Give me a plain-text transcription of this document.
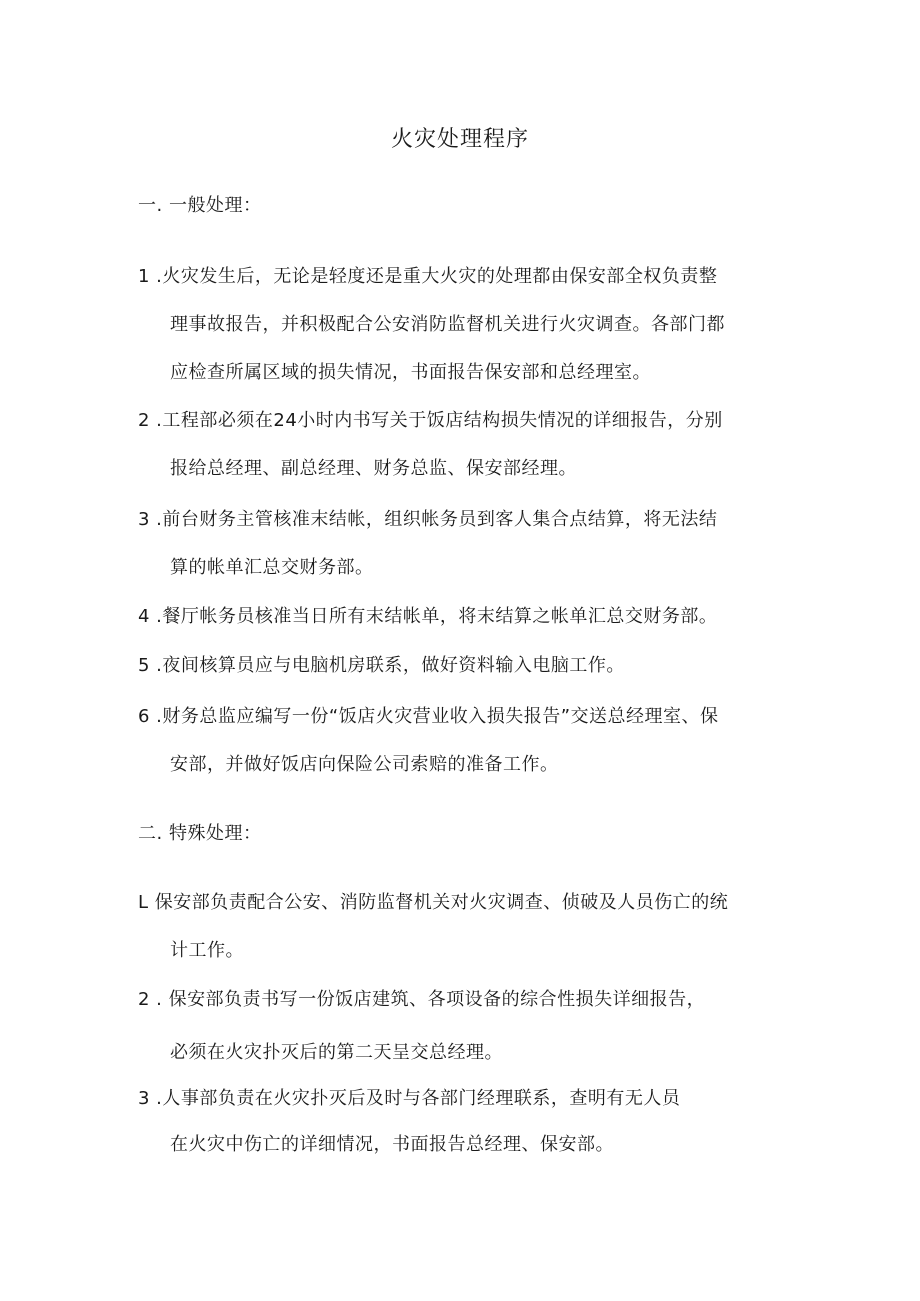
火灾处理程序
一. 一般处理：
1 .火灾发生后，无论是轻度还是重大火灾的处理都由保安部全权负责整
理事故报告，并积极配合公安消防监督机关进行火灾调查。各部门都
应检查所属区域的损失情况，书面报告保安部和总经理室。
2 .工程部必须在24小时内书写关于饭店结构损失情况的详细报告，分别
报给总经理、副总经理、财务总监、保安部经理。
3 .前台财务主管核准末结帐，组织帐务员到客人集合点结算，将无法结
算的帐单汇总交财务部。
4 .餐厅帐务员核准当日所有末结帐单，将末结算之帐单汇总交财务部。
5 .夜间核算员应与电脑机房联系，做好资料输入电脑工作。
6 .财务总监应编写一份“饭店火灾营业收入损失报告”交送总经理室、保
安部，并做好饭店向保险公司索赔的准备工作。
二. 特殊处理：
L 保安部负责配合公安、消防监督机关对火灾调查、侦破及人员伤亡的统
计工作。
2 . 保安部负责书写一份饭店建筑、各项设备的综合性损失详细报告，
必须在火灾扑灭后的第二天呈交总经理。
3 .人事部负责在火灾扑灭后及时与各部门经理联系，查明有无人员
在火灾中伤亡的详细情况，书面报告总经理、保安部。
